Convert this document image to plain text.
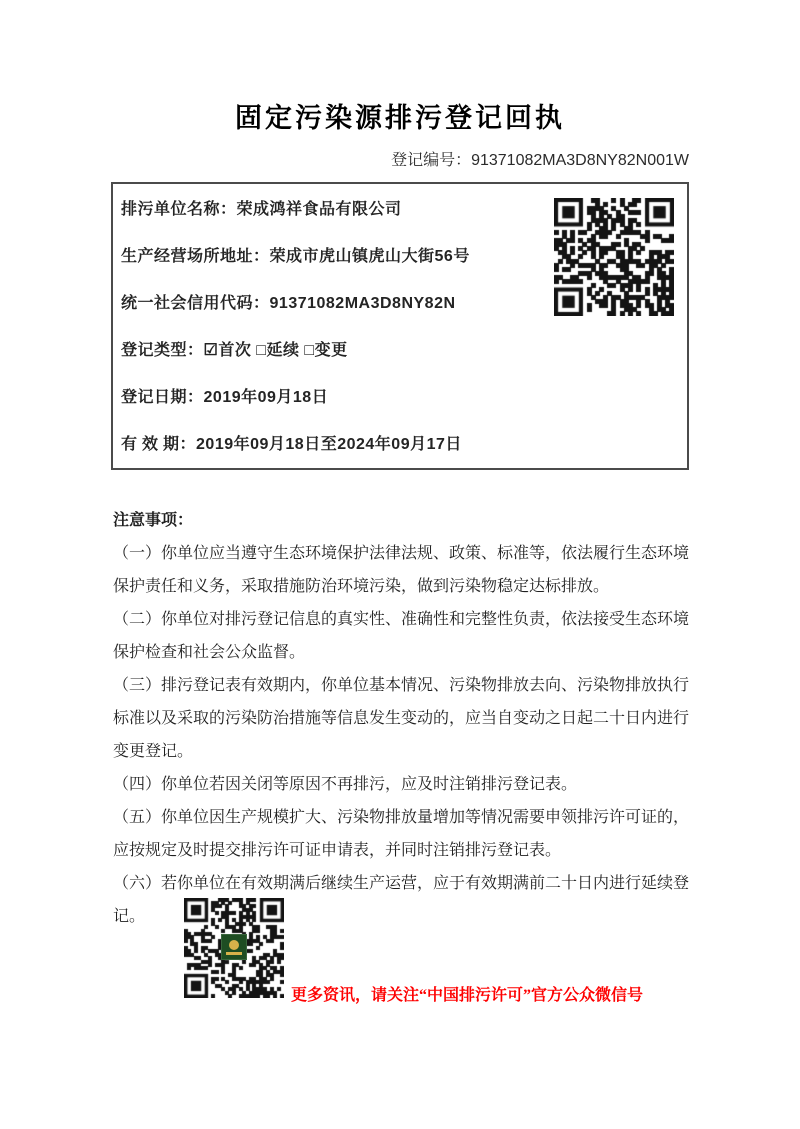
固定污染源排污登记回执
登记编号：91371082MA3D8NY82N001W
排污单位名称：荣成鸿祥食品有限公司
生产经营场所地址：荣成市虎山镇虎山大街56号
统一社会信用代码：91371082MA3D8NY82N
登记类型：☑首次 □延续 □变更
登记日期：2019年09月18日
有 效 期：2019年09月18日至2024年09月17日
注意事项：

（一）你单位应当遵守生态环境保护法律法规、政策、标准等，依法履行生态环境保护责任和义务，采取措施防治环境污染，做到污染物稳定达标排放。

（二）你单位对排污登记信息的真实性、准确性和完整性负责，依法接受生态环境保护检查和社会公众监督。

（三）排污登记表有效期内，你单位基本情况、污染物排放去向、污染物排放执行标准以及采取的污染防治措施等信息发生变动的，应当自变动之日起二十日内进行变更登记。

（四）你单位若因关闭等原因不再排污，应及时注销排污登记表。

（五）你单位因生产规模扩大、污染物排放量增加等情况需要申领排污许可证的，应按规定及时提交排污许可证申请表，并同时注销排污登记表。

（六）若你单位在有效期满后继续生产运营，应于有效期满前二十日内进行延续登记。

更多资讯，请关注“中国排污许可”官方公众微信号
